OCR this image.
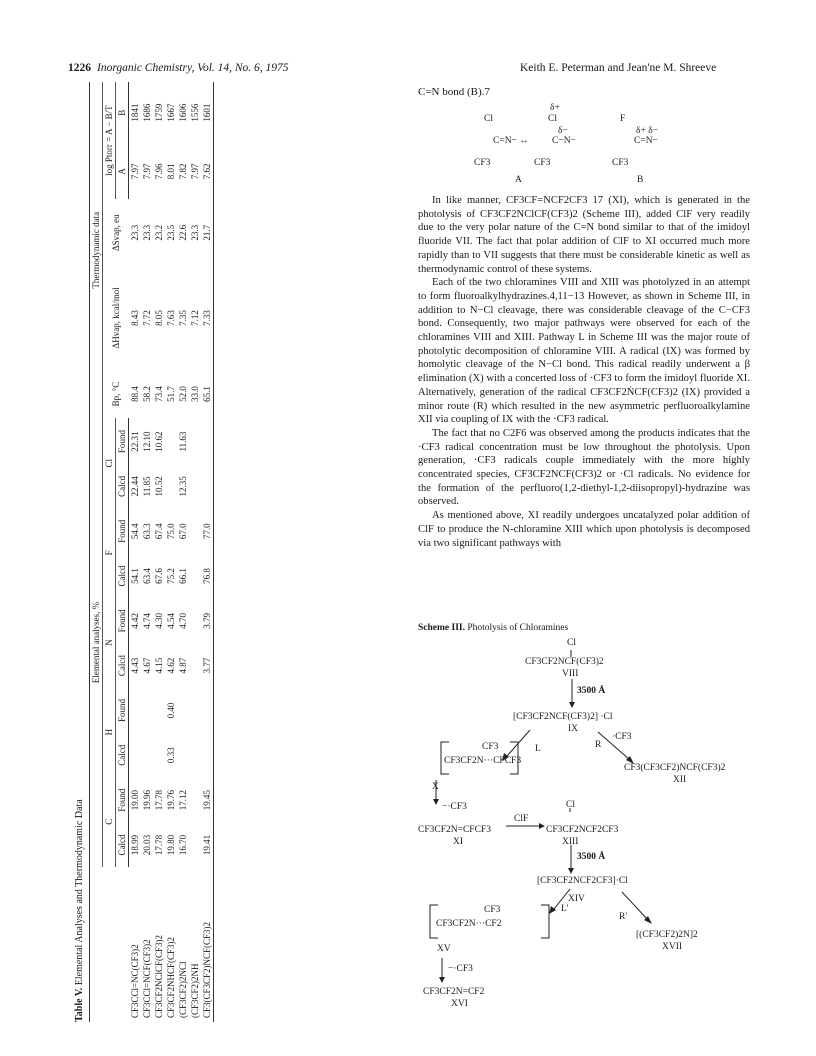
1226 Inorganic Chemistry, Vol. 14, No. 6, 1975	Keith E. Peterman and Jean'ne M. Shreeve
Table V. Elemental Analyses and Thermodynamic Data
	Elemental analyses, %										Thermodynamic data				
	C		H		N		F		Cl		Bp, °C	ΔHvap, kcal/mol	ΔSvap, eu	log Ptorr = A − B/T	
	Calcd	Found	Calcd	Found	Calcd	Found	Calcd	Found	Calcd	Found				A	B
CF3CCl=NC(CF3)2	18.99	19.00			4.43	4.42	54.1	54.4	22.44	22.31	88.4	8.43	23.3	7.97	1841
CF3CCl=NCF(CF3)2	20.03	19.96			4.67	4.74	63.4	63.3	11.85	12.10	58.2	7.72	23.3	7.97	1686
CF3CF2NClCF(CF3)2	17.78	17.78			4.15	4.30	67.6	67.4	10.52	10.62	73.4	8.05	23.2	7.96	1759
CF3CF2NHCF(CF3)2	19.80	19.76	0.33	0.40	4.62	4.54	75.2	75.0			51.7	7.63	23.5	8.01	1667
(CF3CF2)2NCl	16.70	17.12			4.87	4.70	66.1	67.0	12.35	11.63	52.0	7.35	22.6	7.82	1606
(CF3CF2)2NH											33.0	7.12	23.3	7.97	1556
CF3(CF3CF2)NCF(CF3)2	19.41	19.45			3.77	3.79	76.8	77.0			65.1	7.33	21.7	7.62	1601
C=N bond (B).7
Cl
C=N− ↔
CF3
δ+
Cl
δ−
C−N−
CF3
A
F
δ+ δ−
C=N−
CF3
B

In like manner, CF3CF=NCF2CF3 17 (XI), which is generated in the photolysis of CF3CF2NClCF(CF3)2 (Scheme III), added ClF very readily due to the very polar nature of the C=N bond similar to that of the imidoyl fluoride VII. The fact that polar addition of ClF to XI occurred much more rapidly than to VII suggests that there must be considerable kinetic as well as thermodynamic control of these systems.

Each of the two chloramines VIII and XIII was photolyzed in an attempt to form fluoroalkylhydrazines.4,11−13 However, as shown in Scheme III, in addition to N−Cl cleavage, there was considerable cleavage of the C−CF3 bond. Consequently, two major pathways were observed for each of the chloramines VIII and XIII. Pathway L in Scheme III was the major route of photolytic decomposition of chloramine VIII. A radical (IX) was formed by homolytic cleavage of the N−Cl bond. This radical readily underwent a β elimination (X) with a concerted loss of ·CF3 to form the imidoyl fluoride XI. Alternatively, generation of the radical CF3CF2ṄCF(CF3)2 (IX) provided a minor route (R) which resulted in the new asymmetric perfluoroalkylamine XII via coupling of IX with the ·CF3 radical.

The fact that no C2F6 was observed among the products indicates that the ·CF3 radical concentration must be low throughout the photolysis. Upon generation, ·CF3 radicals couple immediately with the more highly concentrated species, CF3CF2NCF(CF3)2 or ·Cl radicals. No evidence for the formation of the perfluoro(1,2-diethyl-1,2-diisopropyl)-hydrazine was observed.

As mentioned above, XI readily undergoes uncatalyzed polar addition of ClF to produce the N-chloramine XIII which upon photolysis is decomposed via two significant pathways with

Scheme III. Photolysis of Chloramines
Cl
CF3CF2NCF(CF3)2
VIII
3500 Å
[CF3CF2NCF(CF3)2] ·Cl
IX
CF3
CF3CF2N···CFCF3
L	R
·CF3
CF3(CF3CF2)NCF(CF3)2
XII
X
−·CF3	Cl
ClF
CF3CF2N=CFCF3	CF3CF2NCF2CF3
XI	XIII
3500 Å
[CF3CF2NCF2CF3]·Cl
XIV
CF3
CF3CF2N···CF2
L'
R'
[(CF3CF2)2N]2
XVII
XV
−·CF3
CF3CF2N=CF2
XVI
